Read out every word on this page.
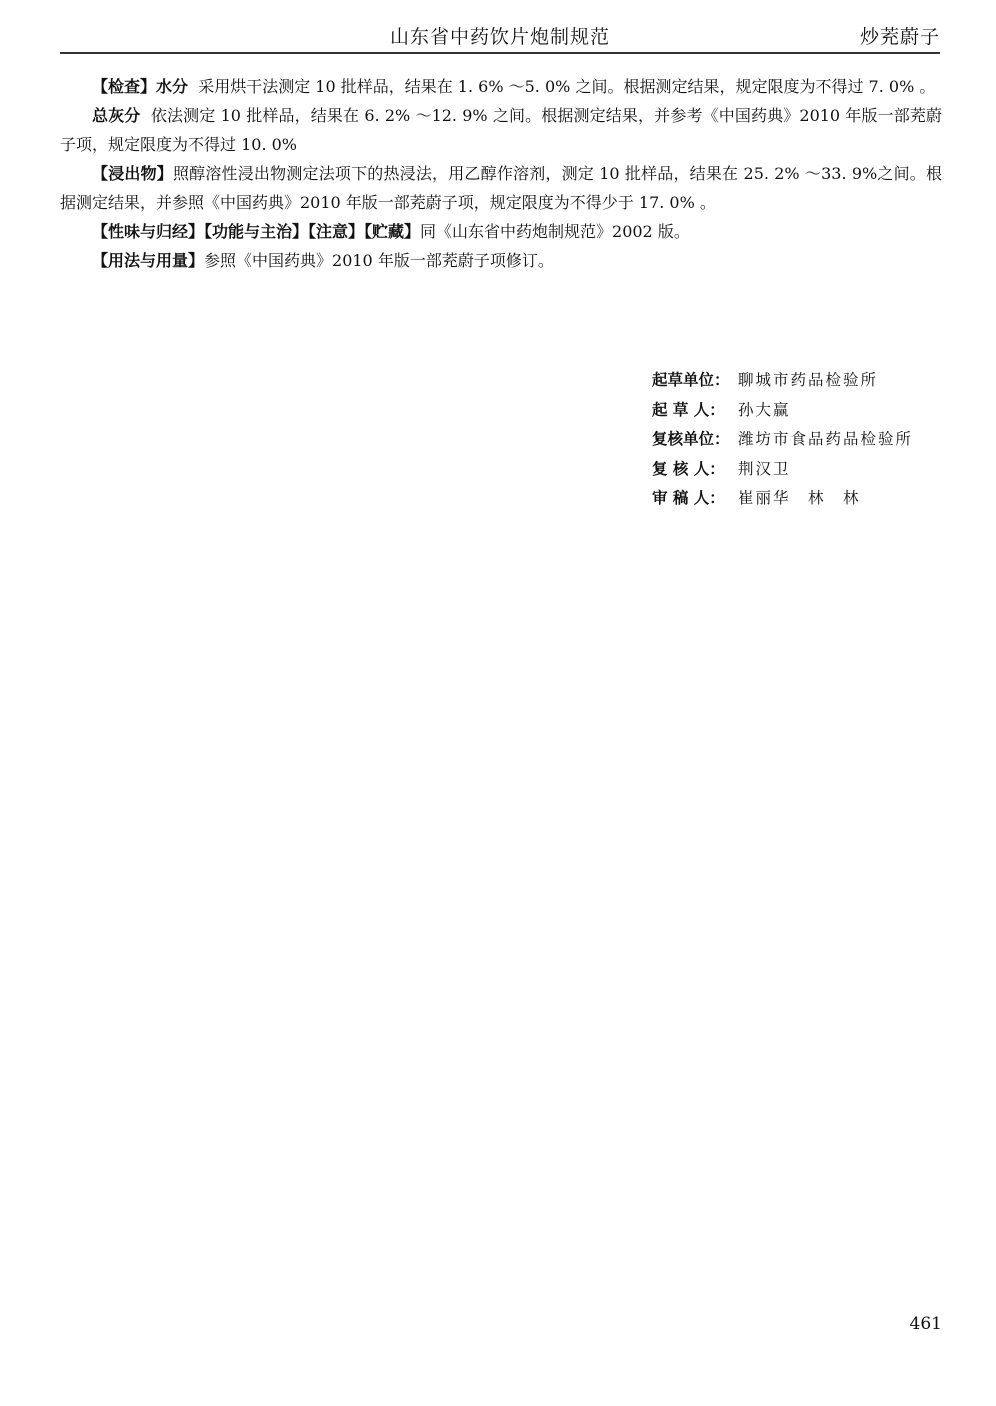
山东省中药饮片炮制规范	炒茺蔚子

【检查】水分 采用烘干法测定 10 批样品，结果在 1. 6% ～5. 0% 之间。根据测定结果，规定限度为不得过 7. 0% 。

总灰分 依法测定 10 批样品，结果在 6. 2% ～12. 9% 之间。根据测定结果，并参考《中国药典》2010 年版一部茺蔚子项，规定限度为不得过 10. 0%

【浸出物】照醇溶性浸出物测定法项下的热浸法，用乙醇作溶剂，测定 10 批样品，结果在 25. 2% ～33. 9%之间。根据测定结果，并参照《中国药典》2010 年版一部茺蔚子项，规定限度为不得少于 17. 0% 。

【性味与归经】【功能与主治】【注意】【贮藏】同《山东省中药炮制规范》2002 版。

【用法与用量】参照《中国药典》2010 年版一部茺蔚子项修订。

起草单位： 聊城市药品检验所
起 草 人： 孙大赢
复核单位： 潍坊市食品药品检验所
复 核 人： 荆汉卫
审 稿 人： 崔丽华　林　林
461
